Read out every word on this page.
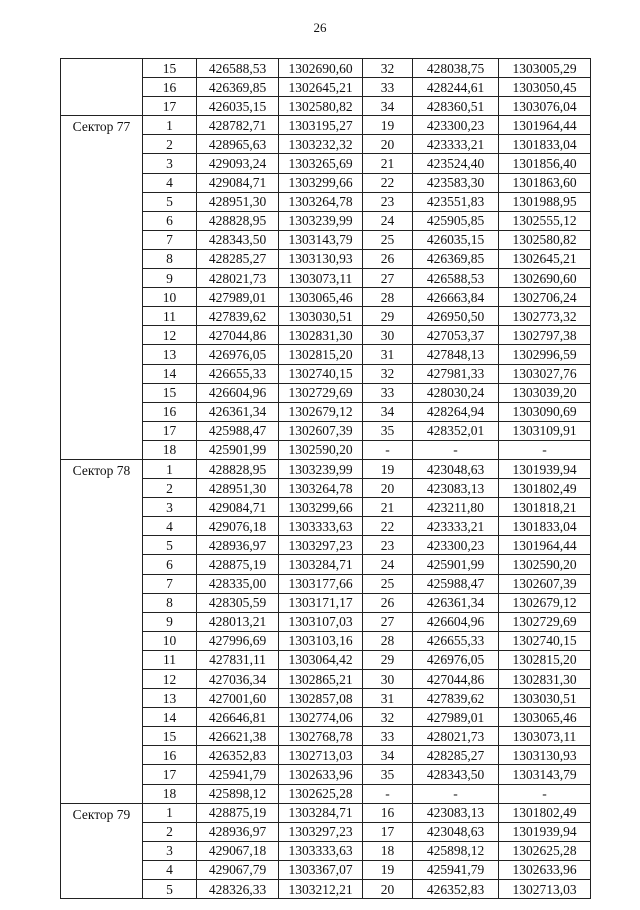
26
	15	426588,53	1302690,60	32	428038,75	1303005,29
	16	426369,85	1302645,21	33	428244,61	1303050,45
	17	426035,15	1302580,82	34	428360,51	1303076,04
Сектор 77	1	428782,71	1303195,27	19	423300,23	1301964,44
	2	428965,63	1303232,32	20	423333,21	1301833,04
	3	429093,24	1303265,69	21	423524,40	1301856,40
	4	429084,71	1303299,66	22	423583,30	1301863,60
	5	428951,30	1303264,78	23	423551,83	1301988,95
	6	428828,95	1303239,99	24	425905,85	1302555,12
	7	428343,50	1303143,79	25	426035,15	1302580,82
	8	428285,27	1303130,93	26	426369,85	1302645,21
	9	428021,73	1303073,11	27	426588,53	1302690,60
	10	427989,01	1303065,46	28	426663,84	1302706,24
	11	427839,62	1303030,51	29	426950,50	1302773,32
	12	427044,86	1302831,30	30	427053,37	1302797,38
	13	426976,05	1302815,20	31	427848,13	1302996,59
	14	426655,33	1302740,15	32	427981,33	1303027,76
	15	426604,96	1302729,69	33	428030,24	1303039,20
	16	426361,34	1302679,12	34	428264,94	1303090,69
	17	425988,47	1302607,39	35	428352,01	1303109,91
	18	425901,99	1302590,20	-	-	-
Сектор 78	1	428828,95	1303239,99	19	423048,63	1301939,94
	2	428951,30	1303264,78	20	423083,13	1301802,49
	3	429084,71	1303299,66	21	423211,80	1301818,21
	4	429076,18	1303333,63	22	423333,21	1301833,04
	5	428936,97	1303297,23	23	423300,23	1301964,44
	6	428875,19	1303284,71	24	425901,99	1302590,20
	7	428335,00	1303177,66	25	425988,47	1302607,39
	8	428305,59	1303171,17	26	426361,34	1302679,12
	9	428013,21	1303107,03	27	426604,96	1302729,69
	10	427996,69	1303103,16	28	426655,33	1302740,15
	11	427831,11	1303064,42	29	426976,05	1302815,20
	12	427036,34	1302865,21	30	427044,86	1302831,30
	13	427001,60	1302857,08	31	427839,62	1303030,51
	14	426646,81	1302774,06	32	427989,01	1303065,46
	15	426621,38	1302768,78	33	428021,73	1303073,11
	16	426352,83	1302713,03	34	428285,27	1303130,93
	17	425941,79	1302633,96	35	428343,50	1303143,79
	18	425898,12	1302625,28	-	-	-
Сектор 79	1	428875,19	1303284,71	16	423083,13	1301802,49
	2	428936,97	1303297,23	17	423048,63	1301939,94
	3	429067,18	1303333,63	18	425898,12	1302625,28
	4	429067,79	1303367,07	19	425941,79	1302633,96
	5	428326,33	1303212,21	20	426352,83	1302713,03
